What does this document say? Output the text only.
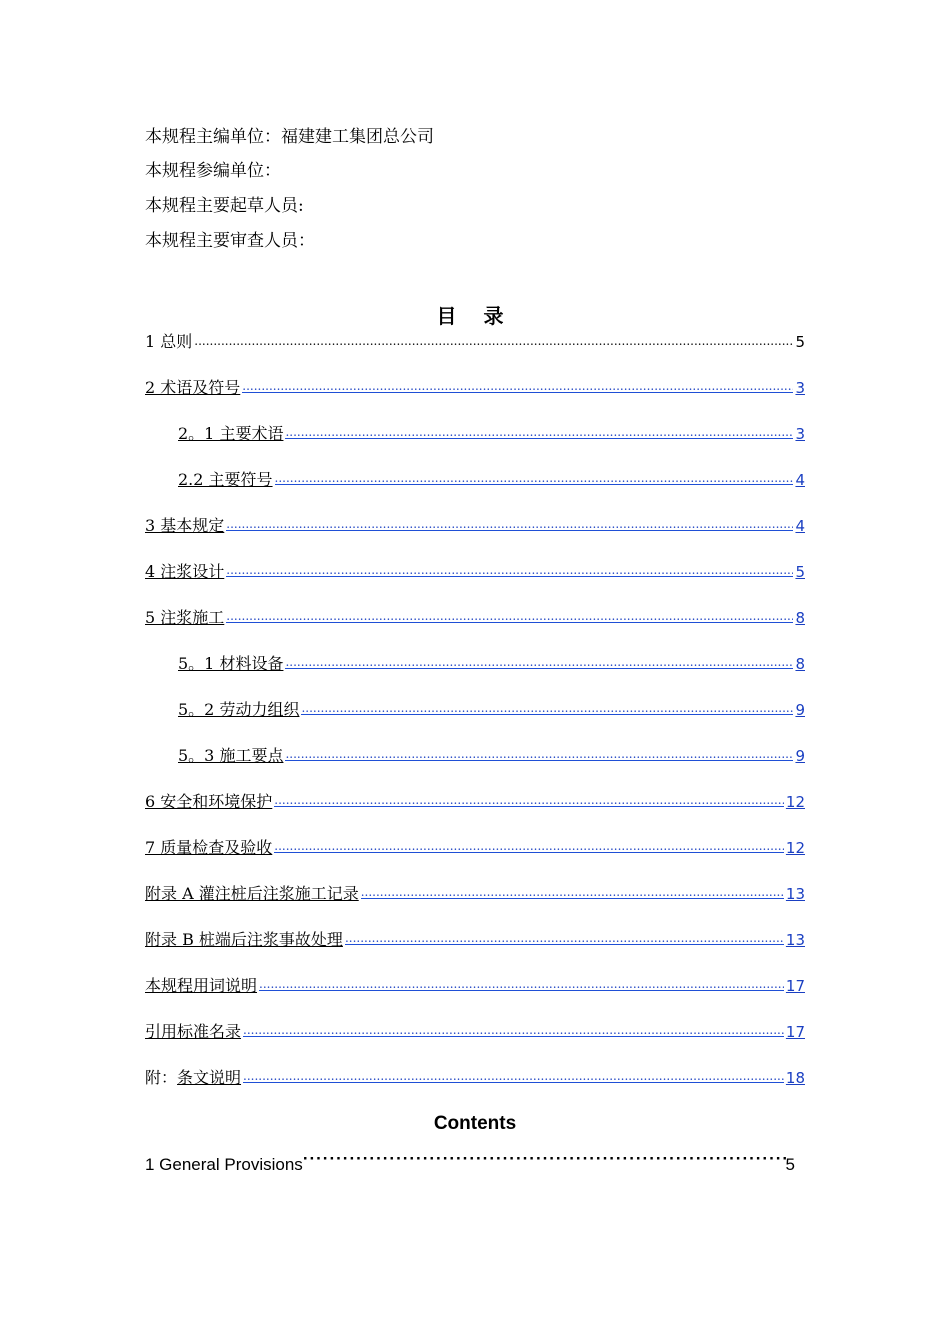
本规程主编单位：福建建工集团总公司
本规程参编单位：
本规程主要起草人员:
本规程主要审查人员：
目 录
1 总则 .....	5
2 术语及符号 .....	3
2。1 主要术语 .....	3
2.2 主要符号 .....	4
3 基本规定 .....	4
4 注浆设计 .....	5
5 注浆施工 .....	8
5。1 材料设备 .....	8
5。2 劳动力组织 .....	9
5。3 施工要点 .....	9
6 安全和环境保护 .....	12
7 质量检查及验收 .....	12
附录 A 灌注桩后注浆施工记录 .....	13
附录 B 桩端后注浆事故处理 .....	13
本规程用词说明 .....	17
引用标准名录 .....	17
附： 条文说明 .....	18
Contents
1 General Provisions ·····	5
